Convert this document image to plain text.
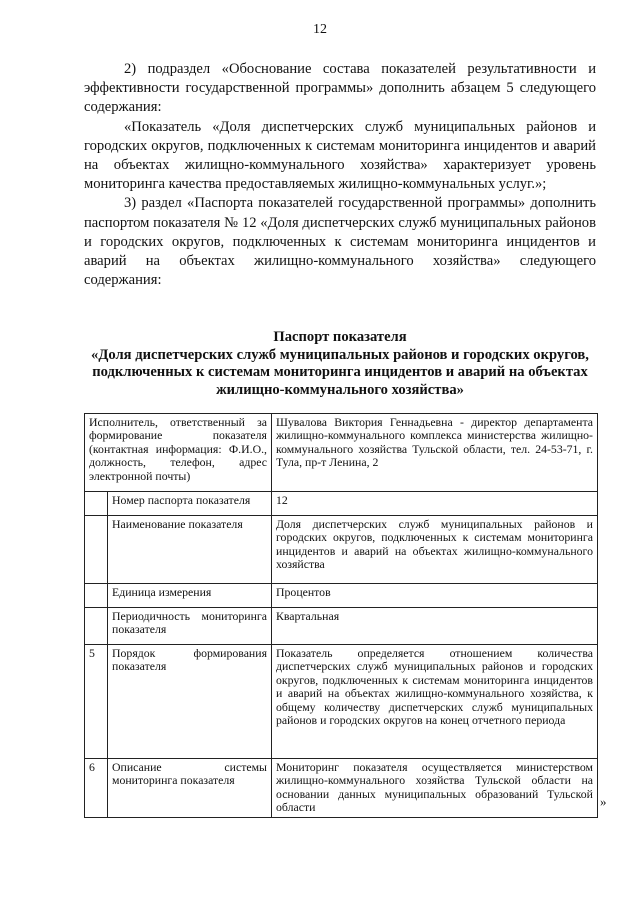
12

2) подраздел «Обоснование состава показателей результативности и эффективности государственной программы» дополнить абзацем 5 следующего содержания:

«Показатель «Доля диспетчерских служб муниципальных районов и городских округов, подключенных к системам мониторинга инцидентов и аварий на объектах жилищно-коммунального хозяйства» характеризует уровень мониторинга качества предоставляемых жилищно-коммунальных услуг.»;

3) раздел «Паспорта показателей государственной программы» дополнить паспортом показателя № 12 «Доля диспетчерских служб муниципальных районов и городских округов, подключенных к системам мониторинга инцидентов и аварий на объектах жилищно-коммунального хозяйства» следующего содержания:

Паспорт показателя
«Доля диспетчерских служб муниципальных районов и городских округов, подключенных к системам мониторинга инцидентов и аварий на объектах жилищно-коммунального хозяйства»
Исполнитель, ответственный за формирование показателя (контактная информация: Ф.И.О., должность, телефон, адрес электронной почты)		Шувалова Виктория Геннадьевна - директор департамента жилищно-коммунального комплекса министерства жилищно-коммунального хозяйства Тульской области, тел. 24-53-71, г. Тула, пр-т Ленина, 2
	Номер паспорта показателя	12
	Наименование показателя	Доля диспетчерских служб муниципальных районов и городских округов, подключенных к системам мониторинга инцидентов и аварий на объектах жилищно-коммунального хозяйства
	Единица измерения	Процентов
	Периодичность мониторинга показателя	Квартальная
5	Порядок формирования показателя	Показатель определяется отношением количества диспетчерских служб муниципальных районов и городских округов, подключенных к системам мониторинга инцидентов и аварий на объектах жилищно-коммунального хозяйства, к общему количеству диспетчерских служб муниципальных районов и городских округов на конец отчетного периода
6	Описание системы мониторинга показателя	Мониторинг показателя осуществляется министерством жилищно-коммунального хозяйства Тульской области на основании данных муниципальных образований Тульской области	»
